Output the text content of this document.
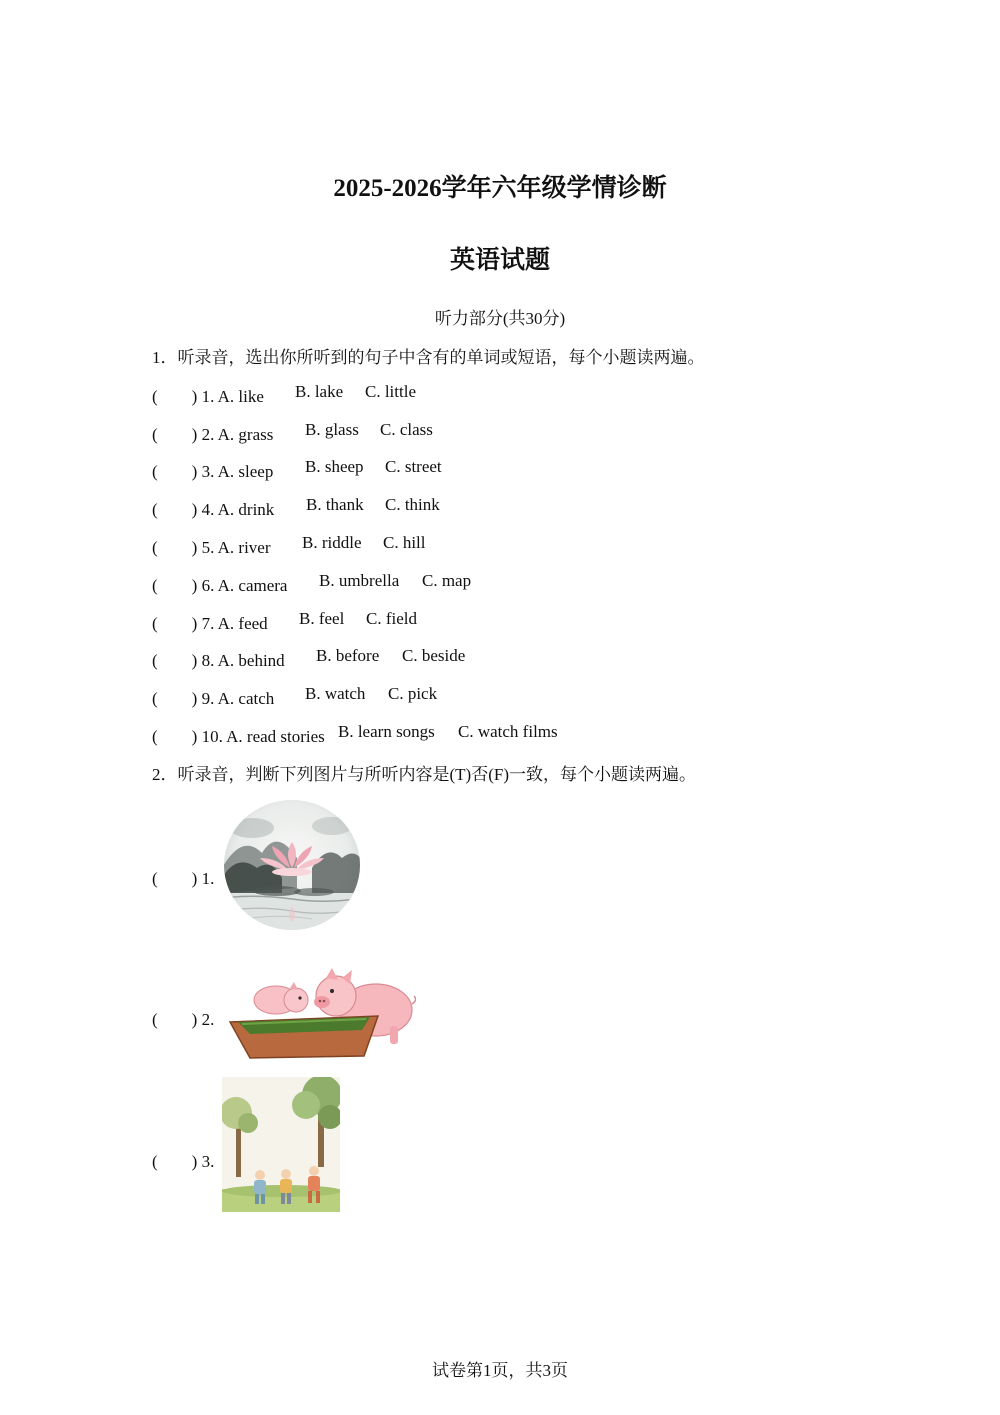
2025-2026学年六年级学情诊断
英语试题
听力部分(共30分)
1．听录音，选出你所听到的句子中含有的单词或短语，每个小题读两遍。
(　　) 1. A. like B. lake C. little
(　　) 2. A. grass B. glass C. class
(　　) 3. A. sleep B. sheep C. street
(　　) 4. A. drink B. thank C. think
(　　) 5. A. river B. riddle C. hill
(　　) 6. A. camera B. umbrella C. map
(　　) 7. A. feed B. feel C. field
(　　) 8. A. behind B. before C. beside
(　　) 9. A. catch B. watch C. pick
(　　) 10. A. read stories B. learn songs C. watch films
2．听录音，判断下列图片与所听内容是(T)否(F)一致，每个小题读两遍。
(　　) 1.
(　　) 2.
(　　) 3.
试卷第1页，共3页
